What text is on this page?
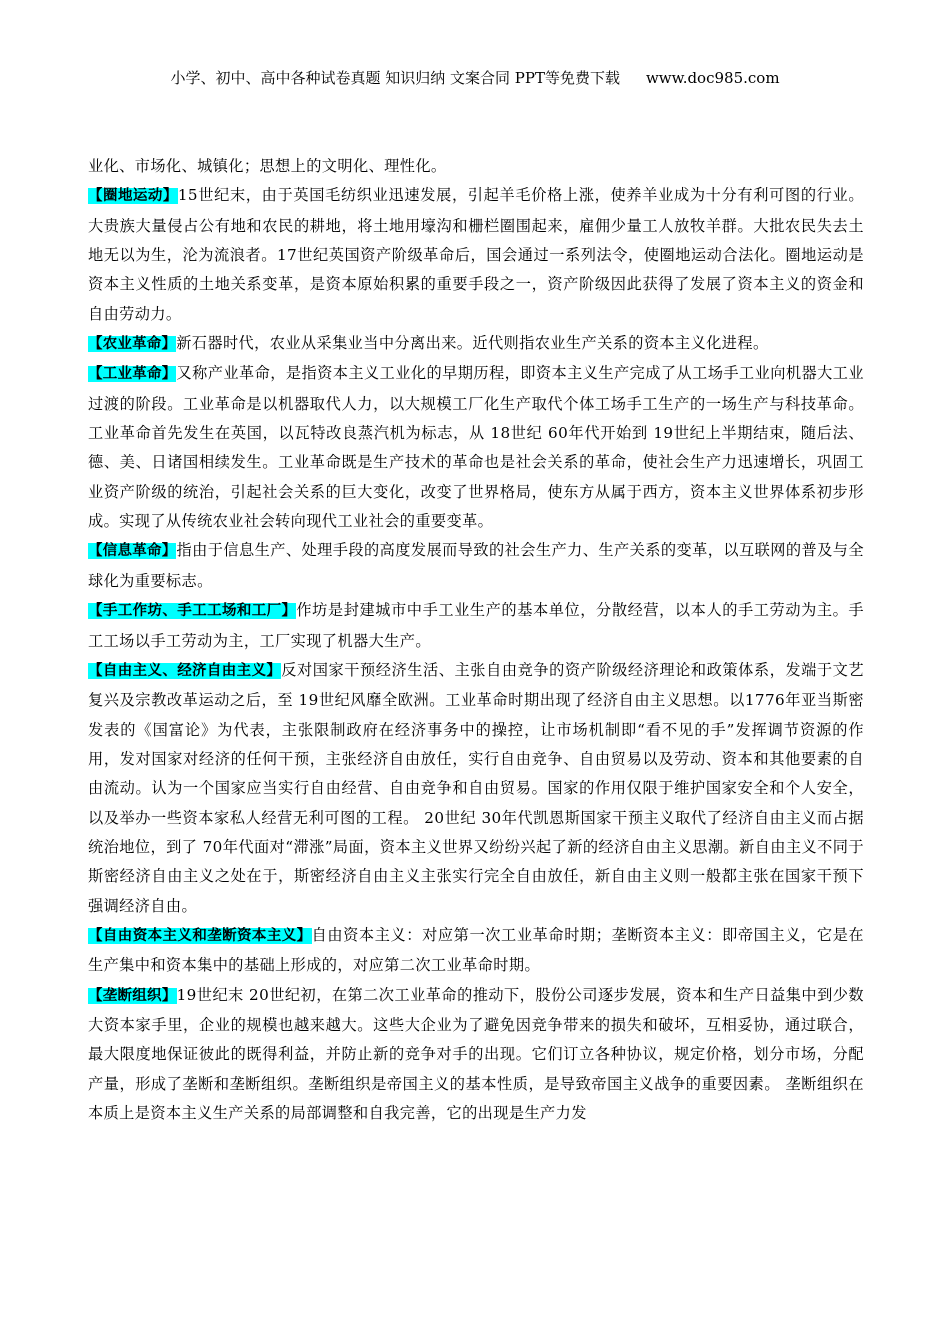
小学、初中、高中各种试卷真题 知识归纳 文案合同 PPT等免费下载 www.doc985.com

业化、市场化、城镇化；思想上的文明化、理性化。

【圈地运动】15世纪末，由于英国毛纺织业迅速发展，引起羊毛价格上涨，使养羊业成为十分有利可图的行业。大贵族大量侵占公有地和农民的耕地，将土地用壕沟和栅栏圈围起来，雇佣少量工人放牧羊群。大批农民失去土地无以为生，沦为流浪者。17世纪英国资产阶级革命后，国会通过一系列法令，使圈地运动合法化。圈地运动是资本主义性质的土地关系变革，是资本原始积累的重要手段之一，资产阶级因此获得了发展了资本主义的资金和自由劳动力。

【农业革命】新石器时代，农业从采集业当中分离出来。近代则指农业生产关系的资本主义化进程。

【工业革命】又称产业革命，是指资本主义工业化的早期历程，即资本主义生产完成了从工场手工业向机器大工业过渡的阶段。工业革命是以机器取代人力，以大规模工厂化生产取代个体工场手工生产的一场生产与科技革命。工业革命首先发生在英国，以瓦特改良蒸汽机为标志，从 18世纪 60年代开始到 19世纪上半期结束，随后法、德、美、日诸国相续发生。工业革命既是生产技术的革命也是社会关系的革命，使社会生产力迅速增长，巩固工业资产阶级的统治，引起社会关系的巨大变化，改变了世界格局，使东方从属于西方，资本主义世界体系初步形成。实现了从传统农业社会转向现代工业社会的重要变革。

【信息革命】指由于信息生产、处理手段的高度发展而导致的社会生产力、生产关系的变革，以互联网的普及与全球化为重要标志。

【手工作坊、手工工场和工厂】作坊是封建城市中手工业生产的基本单位，分散经营，以本人的手工劳动为主。手工工场以手工劳动为主，工厂实现了机器大生产。

【自由主义、经济自由主义】反对国家干预经济生活、主张自由竞争的资产阶级经济理论和政策体系，发端于文艺复兴及宗教改革运动之后，至 19世纪风靡全欧洲。工业革命时期出现了经济自由主义思想。以1776年亚当斯密发表的《国富论》为代表，主张限制政府在经济事务中的操控，让市场机制即“看不见的手”发挥调节资源的作用，发对国家对经济的任何干预，主张经济自由放任，实行自由竞争、自由贸易以及劳动、资本和其他要素的自由流动。认为一个国家应当实行自由经营、自由竞争和自由贸易。国家的作用仅限于维护国家安全和个人安全，以及举办一些资本家私人经营无利可图的工程。 20世纪 30年代凯恩斯国家干预主义取代了经济自由主义而占据统治地位，到了 70年代面对“滞涨”局面，资本主义世界又纷纷兴起了新的经济自由主义思潮。新自由主义不同于斯密经济自由主义之处在于，斯密经济自由主义主张实行完全自由放任，新自由主义则一般都主张在国家干预下强调经济自由。

【自由资本主义和垄断资本主义】自由资本主义：对应第一次工业革命时期；垄断资本主义：即帝国主义，它是在生产集中和资本集中的基础上形成的，对应第二次工业革命时期。

【垄断组织】19世纪末 20世纪初，在第二次工业革命的推动下，股份公司逐步发展，资本和生产日益集中到少数大资本家手里，企业的规模也越来越大。这些大企业为了避免因竞争带来的损失和破坏，互相妥协，通过联合，最大限度地保证彼此的既得利益，并防止新的竞争对手的出现。它们订立各种协议，规定价格，划分市场，分配产量，形成了垄断和垄断组织。垄断组织是帝国主义的基本性质，是导致帝国主义战争的重要因素。 垄断组织在本质上是资本主义生产关系的局部调整和自我完善，它的出现是生产力发
